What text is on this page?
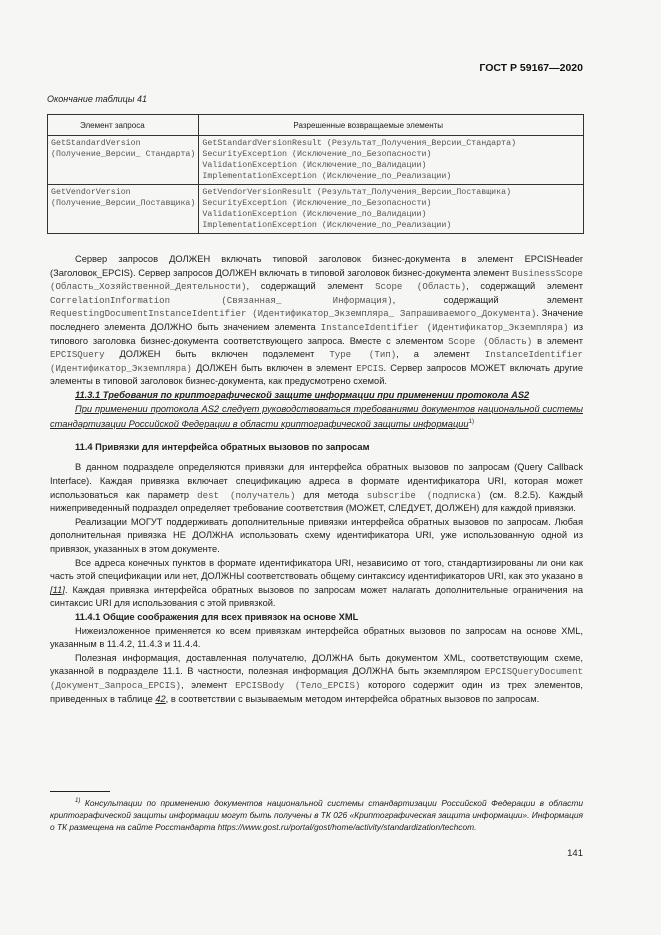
ГОСТ Р 59167—2020
Окончание таблицы 41
Элемент запроса	Разрешенные возвращаемые элементы

GetStandardVersion (Получение_Версии_ Стандарта)	GetStandardVersionResult (Результат_Получения_Версии_Стандарта)
SecurityException (Исключение_по_Безопасности)
ValidationException (Исключение_по_Валидации)
ImplementationException (Исключение_по_Реализации)

GetVendorVersion (Получение_Версии_Поставщика)	GetVendorVersionResult (Результат_Получения_Версии_Поставщика)
SecurityException (Исключение_по_Безопасности)
ValidationException (Исключение_по_Валидации)
ImplementationException (Исключение_по_Реализации)

Сервер запросов ДОЛЖЕН включать типовой заголовок бизнес-документа в элемент EPCISHeader (Заголовок_EPCIS). Сервер запросов ДОЛЖЕН включать в типовой заголовок бизнес-документа элемент BusinessScope (Область_Хозяйственной_Деятельности), содержащий элемент Scope (Область), содержащий элемент CorrelationInformation (Связанная_ Информация), содержащий элемент RequestingDocumentInstanceIdentifier (Идентификатор_Экземпляра_ Запрашиваемого_Документа). Значение последнего элемента ДОЛЖНО быть значением элемента InstanceIdentifier (Идентификатор_Экземпляра) из типового заголовка бизнес-документа соответствующего запроса. Вместе с элементом Scope (Область) в элемент EPCISQuery ДОЛЖЕН быть включен подэлемент Type (Тип), а элемент InstanceIdentifier (Идентификатор_Экземпляра) ДОЛЖЕН быть включен в элемент EPCIS. Сервер запросов МОЖЕТ включать другие элементы в типовой заголовок бизнес-документа, как предусмотрено схемой.

11.3.1 Требования по криптографической защите информации при применении протокола AS2

При применении протокола AS2 следует руководствоваться требованиями документов национальной системы стандартизации Российской Федерации в области криптографической защиты информации$^{1)}$

11.4 Привязки для интерфейса обратных вызовов по запросам

В данном подразделе определяются привязки для интерфейса обратных вызовов по запросам (Query Callback Interface). Каждая привязка включает спецификацию адреса в формате идентификатора URI, которая может использоваться как параметр dest (получатель) для метода subscribe (подписка) (см. 8.2.5). Каждый нижеприведенный подраздел определяет требование соответствия (МОЖЕТ, СЛЕДУЕТ, ДОЛЖЕН) для каждой привязки.

Реализации МОГУТ поддерживать дополнительные привязки интерфейса обратных вызовов по запросам. Любая дополнительная привязка НЕ ДОЛЖНА использовать схему идентификатора URI, уже использованную одной из привязок, указанных в этом документе.

Все адреса конечных пунктов в формате идентификатора URI, независимо от того, стандартизированы ли они как часть этой спецификации или нет, ДОЛЖНЫ соответствовать общему синтаксису идентификаторов URI, как это указано в [11]. Каждая привязка интерфейса обратных вызовов по запросам может налагать дополнительные ограничения на синтаксис URI для использования с этой привязкой.

11.4.1 Общие соображения для всех привязок на основе XML

Нижеизложенное применяется ко всем привязкам интерфейса обратных вызовов по запросам на основе XML, указанным в 11.4.2, 11.4.3 и 11.4.4.

Полезная информация, доставленная получателю, ДОЛЖНА быть документом XML, соответствующим схеме, указанной в подразделе 11.1. В частности, полезная информация ДОЛЖНА быть экземпляром EPCISQueryDocument (Документ_Запроса_EPCIS), элемент EPCISBody (Тело_EPCIS) которого содержит один из трех элементов, приведенных в таблице 42, в соответствии с вызываемым методом интерфейса обратных вызовов по запросам.

$^{1)}$ Консультации по применению документов национальной системы стандартизации Российской Федерации в области криптографической защиты информации могут быть получены в ТК 026 «Криптографическая защита информации». Информация о ТК размещена на сайте Росстандарта https://www.gost.ru/portal/gost/home/activity/standardization/techcom.
141
